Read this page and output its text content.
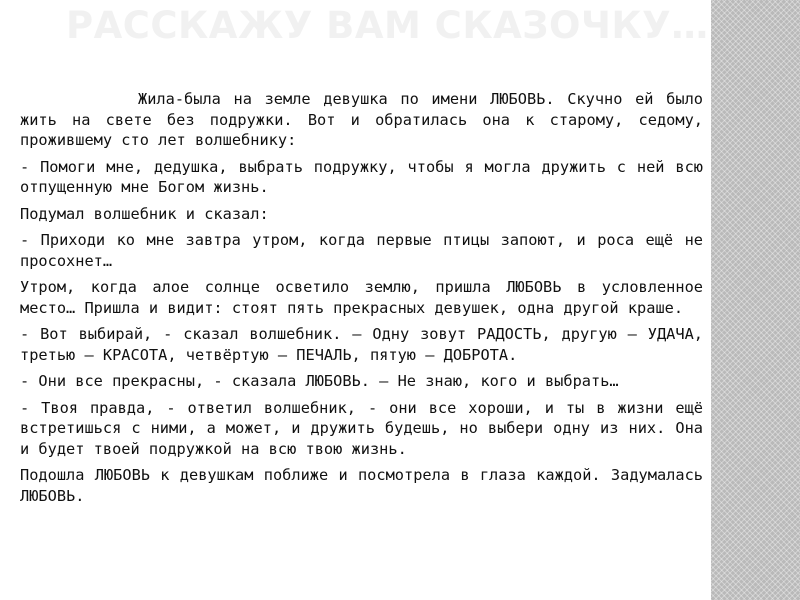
РАССКАЖУ ВАМ СКАЗОЧКУ…

Жила-была на земле девушка по имени ЛЮБОВЬ. Скучно ей было жить на свете без подружки. Вот и обратилась она к старому, седому, прожившему сто лет волшебнику:

- Помоги мне, дедушка, выбрать подружку, чтобы я могла дружить с ней всю отпущенную мне Богом жизнь.

Подумал волшебник и сказал:

- Приходи ко мне завтра утром, когда первые птицы запоют, и роса ещё не просохнет…

Утром, когда алое солнце осветило землю, пришла ЛЮБОВЬ в условленное место… Пришла и видит: стоят пять прекрасных девушек, одна другой краше.

- Вот выбирай, - сказал волшебник. – Одну зовут РАДОСТЬ, другую – УДАЧА, третью – КРАСОТА, четвёртую – ПЕЧАЛЬ, пятую – ДОБРОТА.

- Они все прекрасны, - сказала ЛЮБОВЬ. – Не знаю, кого и выбрать…

- Твоя правда, - ответил волшебник, - они все хороши, и ты в жизни ещё встретишься с ними, а может, и дружить будешь, но выбери одну из них. Она и будет твоей подружкой на всю твою жизнь.

Подошла ЛЮБОВЬ к девушкам поближе и посмотрела в глаза каждой. Задумалась ЛЮБОВЬ.
